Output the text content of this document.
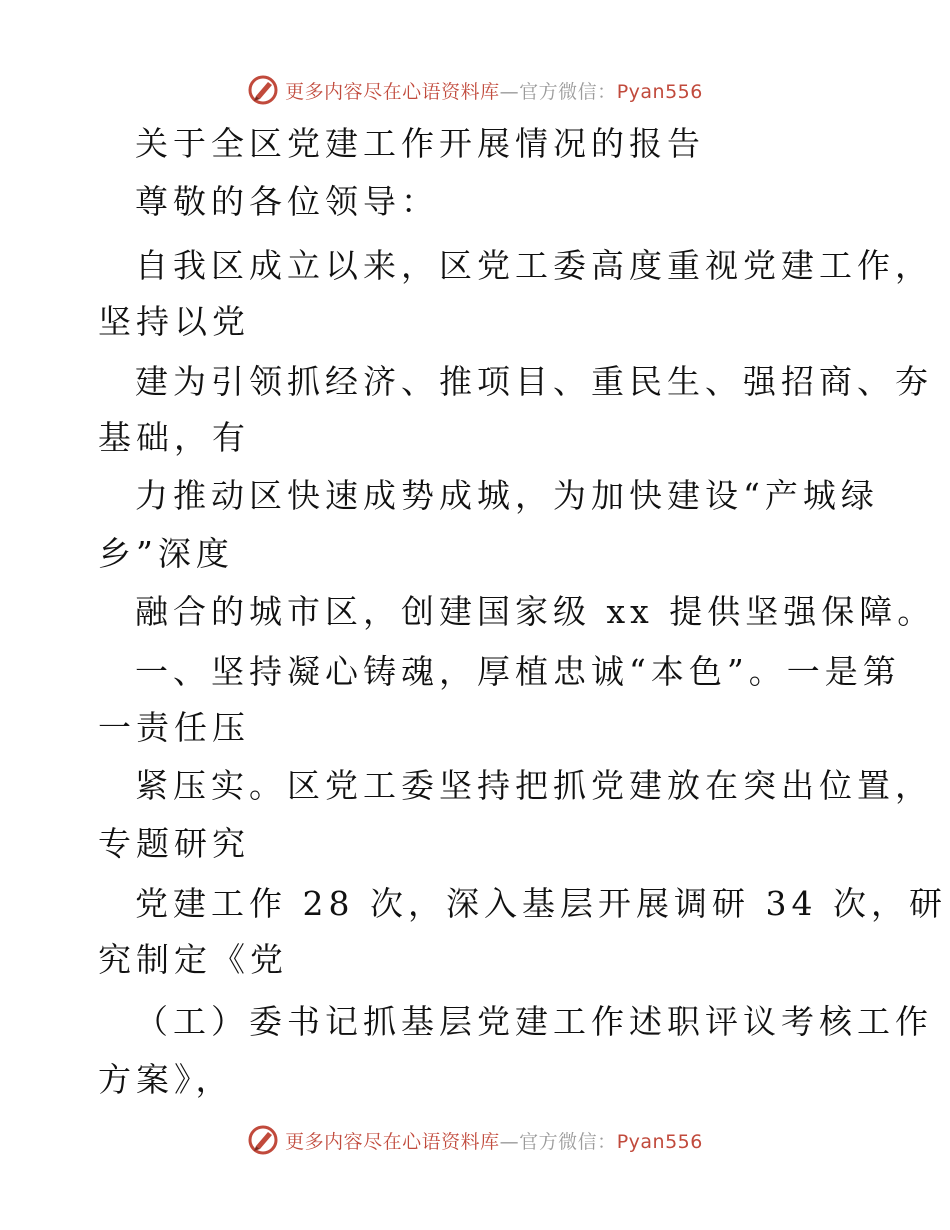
更多内容尽在心语资料库—官方微信：Pyan556
关于全区党建工作开展情况的报告
尊敬的各位领导：
自我区成立以来，区党工委高度重视党建工作，
坚持以党
建为引领抓经济、推项目、重民生、强招商、夯
基础，有
力推动区快速成势成城，为加快建设“产城绿
乡”深度
融合的城市区，创建国家级 xx 提供坚强保障。
一、坚持凝心铸魂，厚植忠诚“本色”。一是第
一责任压
紧压实。区党工委坚持把抓党建放在突出位置，
专题研究
党建工作 28 次，深入基层开展调研 34 次，研
究制定《党
（工）委书记抓基层党建工作述职评议考核工作
方案》，
更多内容尽在心语资料库—官方微信：Pyan556
